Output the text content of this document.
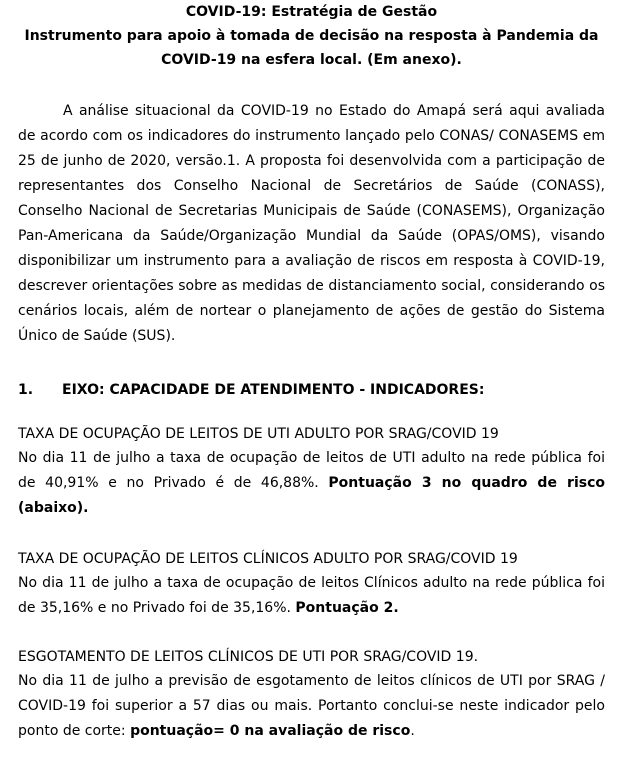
COVID-19: Estratégia de Gestão

Instrumento para apoio à tomada de decisão na resposta à Pandemia da

COVID-19 na esfera local. (Em anexo).

A análise situacional da COVID-19 no Estado do Amapá será aqui avaliada de acordo com os indicadores do instrumento lançado pelo CONAS/ CONASEMS em 25 de junho de 2020, versão.1. A proposta foi desenvolvida com a participação de representantes dos Conselho Nacional de Secretários de Saúde (CONASS), Conselho Nacional de Secretarias Municipais de Saúde (CONASEMS), Organização Pan-Americana da Saúde/Organização Mundial da Saúde (OPAS/OMS), visando disponibilizar um instrumento para a avaliação de riscos em resposta à COVID-19, descrever orientações sobre as medidas de distanciamento social, considerando os cenários locais, além de nortear o planejamento de ações de gestão do Sistema Único de Saúde (SUS).

1. EIXO: CAPACIDADE DE ATENDIMENTO - INDICADORES:

TAXA DE OCUPAÇÃO DE LEITOS DE UTI ADULTO POR SRAG/COVID 19

No dia 11 de julho a taxa de ocupação de leitos de UTI adulto na rede pública foi de 40,91% e no Privado é de 46,88%. Pontuação 3 no quadro de risco (abaixo).

TAXA DE OCUPAÇÃO DE LEITOS CLÍNICOS ADULTO POR SRAG/COVID 19

No dia 11 de julho a taxa de ocupação de leitos Clínicos adulto na rede pública foi de 35,16% e no Privado foi de 35,16%. Pontuação 2.

ESGOTAMENTO DE LEITOS CLÍNICOS DE UTI POR SRAG/COVID 19.

No dia 11 de julho a previsão de esgotamento de leitos clínicos de UTI por SRAG / COVID-19 foi superior a 57 dias ou mais. Portanto conclui-se neste indicador pelo ponto de corte: pontuação= 0 na avaliação de risco.
